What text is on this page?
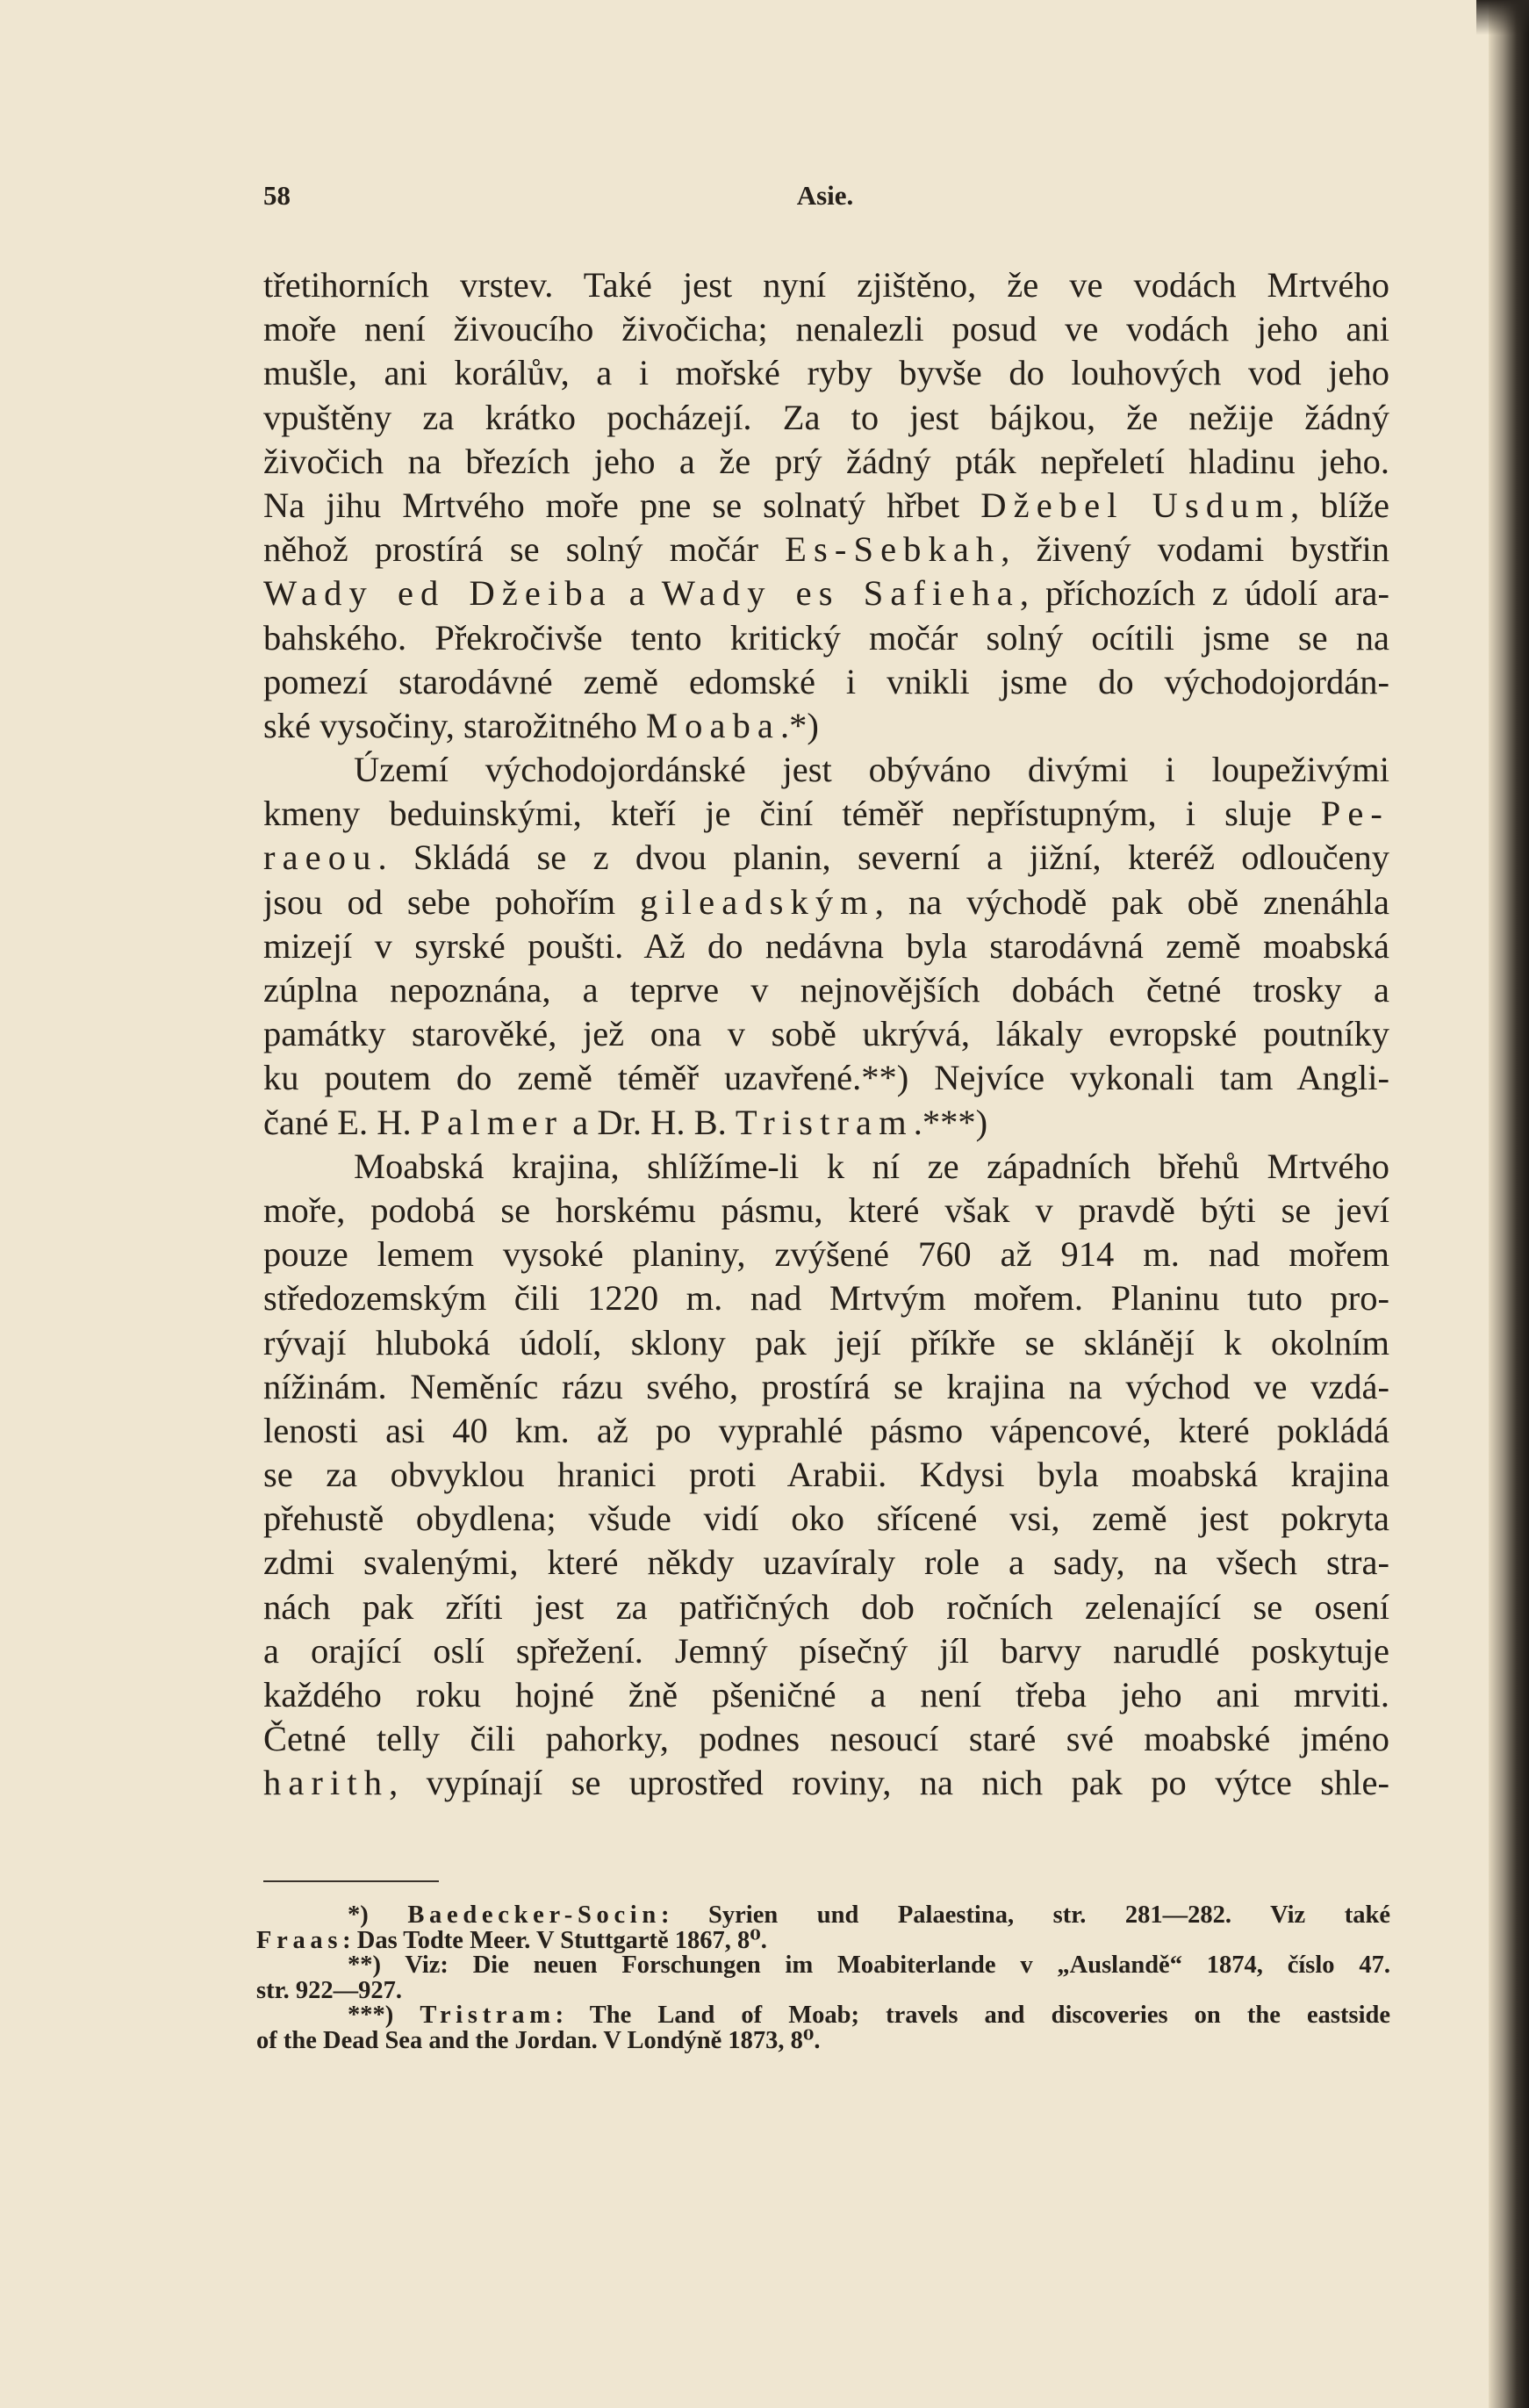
58	Asie.
třetihorních vrstev. Také jest nyní zjištěno, že ve vodách Mrtvého
moře není živoucího živočicha; nenalezli posud ve vodách jeho ani
mušle, ani korálův, a i mořské ryby byvše do louhových vod jeho
vpuštěny za krátko pocházejí. Za to jest bájkou, že nežije žádný
živočich na březích jeho a že prý žádný pták nepřeletí hladinu jeho.
Na jihu Mrtvého moře pne se solnatý hřbet Džebel Usdum, blíže
něhož prostírá se solný močár Es-Sebkah, živený vodami bystřin
Wady ed Džeiba a Wady es Safieha, příchozích z údolí ara-
bahského. Překročivše tento kritický močár solný ocítili jsme se na
pomezí starodávné země edomské i vnikli jsme do východojordán-
ské vysočiny, starožitného Moaba.*)
Území východojordánské jest obýváno divými i loupeživými
kmeny beduinskými, kteří je činí téměř nepřístupným, i sluje Pe-
raeou. Skládá se z dvou planin, severní a jižní, kteréž odloučeny
jsou od sebe pohořím gileadským, na východě pak obě znenáhla
mizejí v syrské poušti. Až do nedávna byla starodávná země moabská
zúplna nepoznána, a teprve v nejnovějších dobách četné trosky a
památky starověké, jež ona v sobě ukrývá, lákaly evropské poutníky
ku poutem do země téměř uzavřené.**) Nejvíce vykonali tam Angli-
čané E. H. Palmer a Dr. H. B. Tristram.***)
Moabská krajina, shlížíme-li k ní ze západních břehů Mrtvého
moře, podobá se horskému pásmu, které však v pravdě býti se jeví
pouze lemem vysoké planiny, zvýšené 760 až 914 m. nad mořem
středozemským čili 1220 m. nad Mrtvým mořem. Planinu tuto pro-
rývají hluboká údolí, sklony pak její příkře se sklánějí k okolním
nížinám. Neměníc rázu svého, prostírá se krajina na východ ve vzdá-
lenosti asi 40 km. až po vyprahlé pásmo vápencové, které pokládá
se za obvyklou hranici proti Arabii. Kdysi byla moabská krajina
přehustě obydlena; všude vidí oko sřícené vsi, země jest pokryta
zdmi svalenými, které někdy uzavíraly role a sady, na všech stra-
nách pak zříti jest za patřičných dob ročních zelenající se osení
a orající oslí spřežení. Jemný písečný jíl barvy narudlé poskytuje
každého roku hojné žně pšeničné a není třeba jeho ani mrviti.
Četné telly čili pahorky, podnes nesoucí staré své moabské jméno
harith, vypínají se uprostřed roviny, na nich pak po výtce shle-
*) Baedecker-Socin: Syrien und Palaestina, str. 281—282. Viz také
Fraas: Das Todte Meer. V Stuttgartě 1867, 8⁰.
**) Viz: Die neuen Forschungen im Moabiterlande v „Auslandě“ 1874, číslo 47.
str. 922—927.
***) Tristram: The Land of Moab; travels and discoveries on the eastside
of the Dead Sea and the Jordan. V Londýně 1873, 8⁰.
